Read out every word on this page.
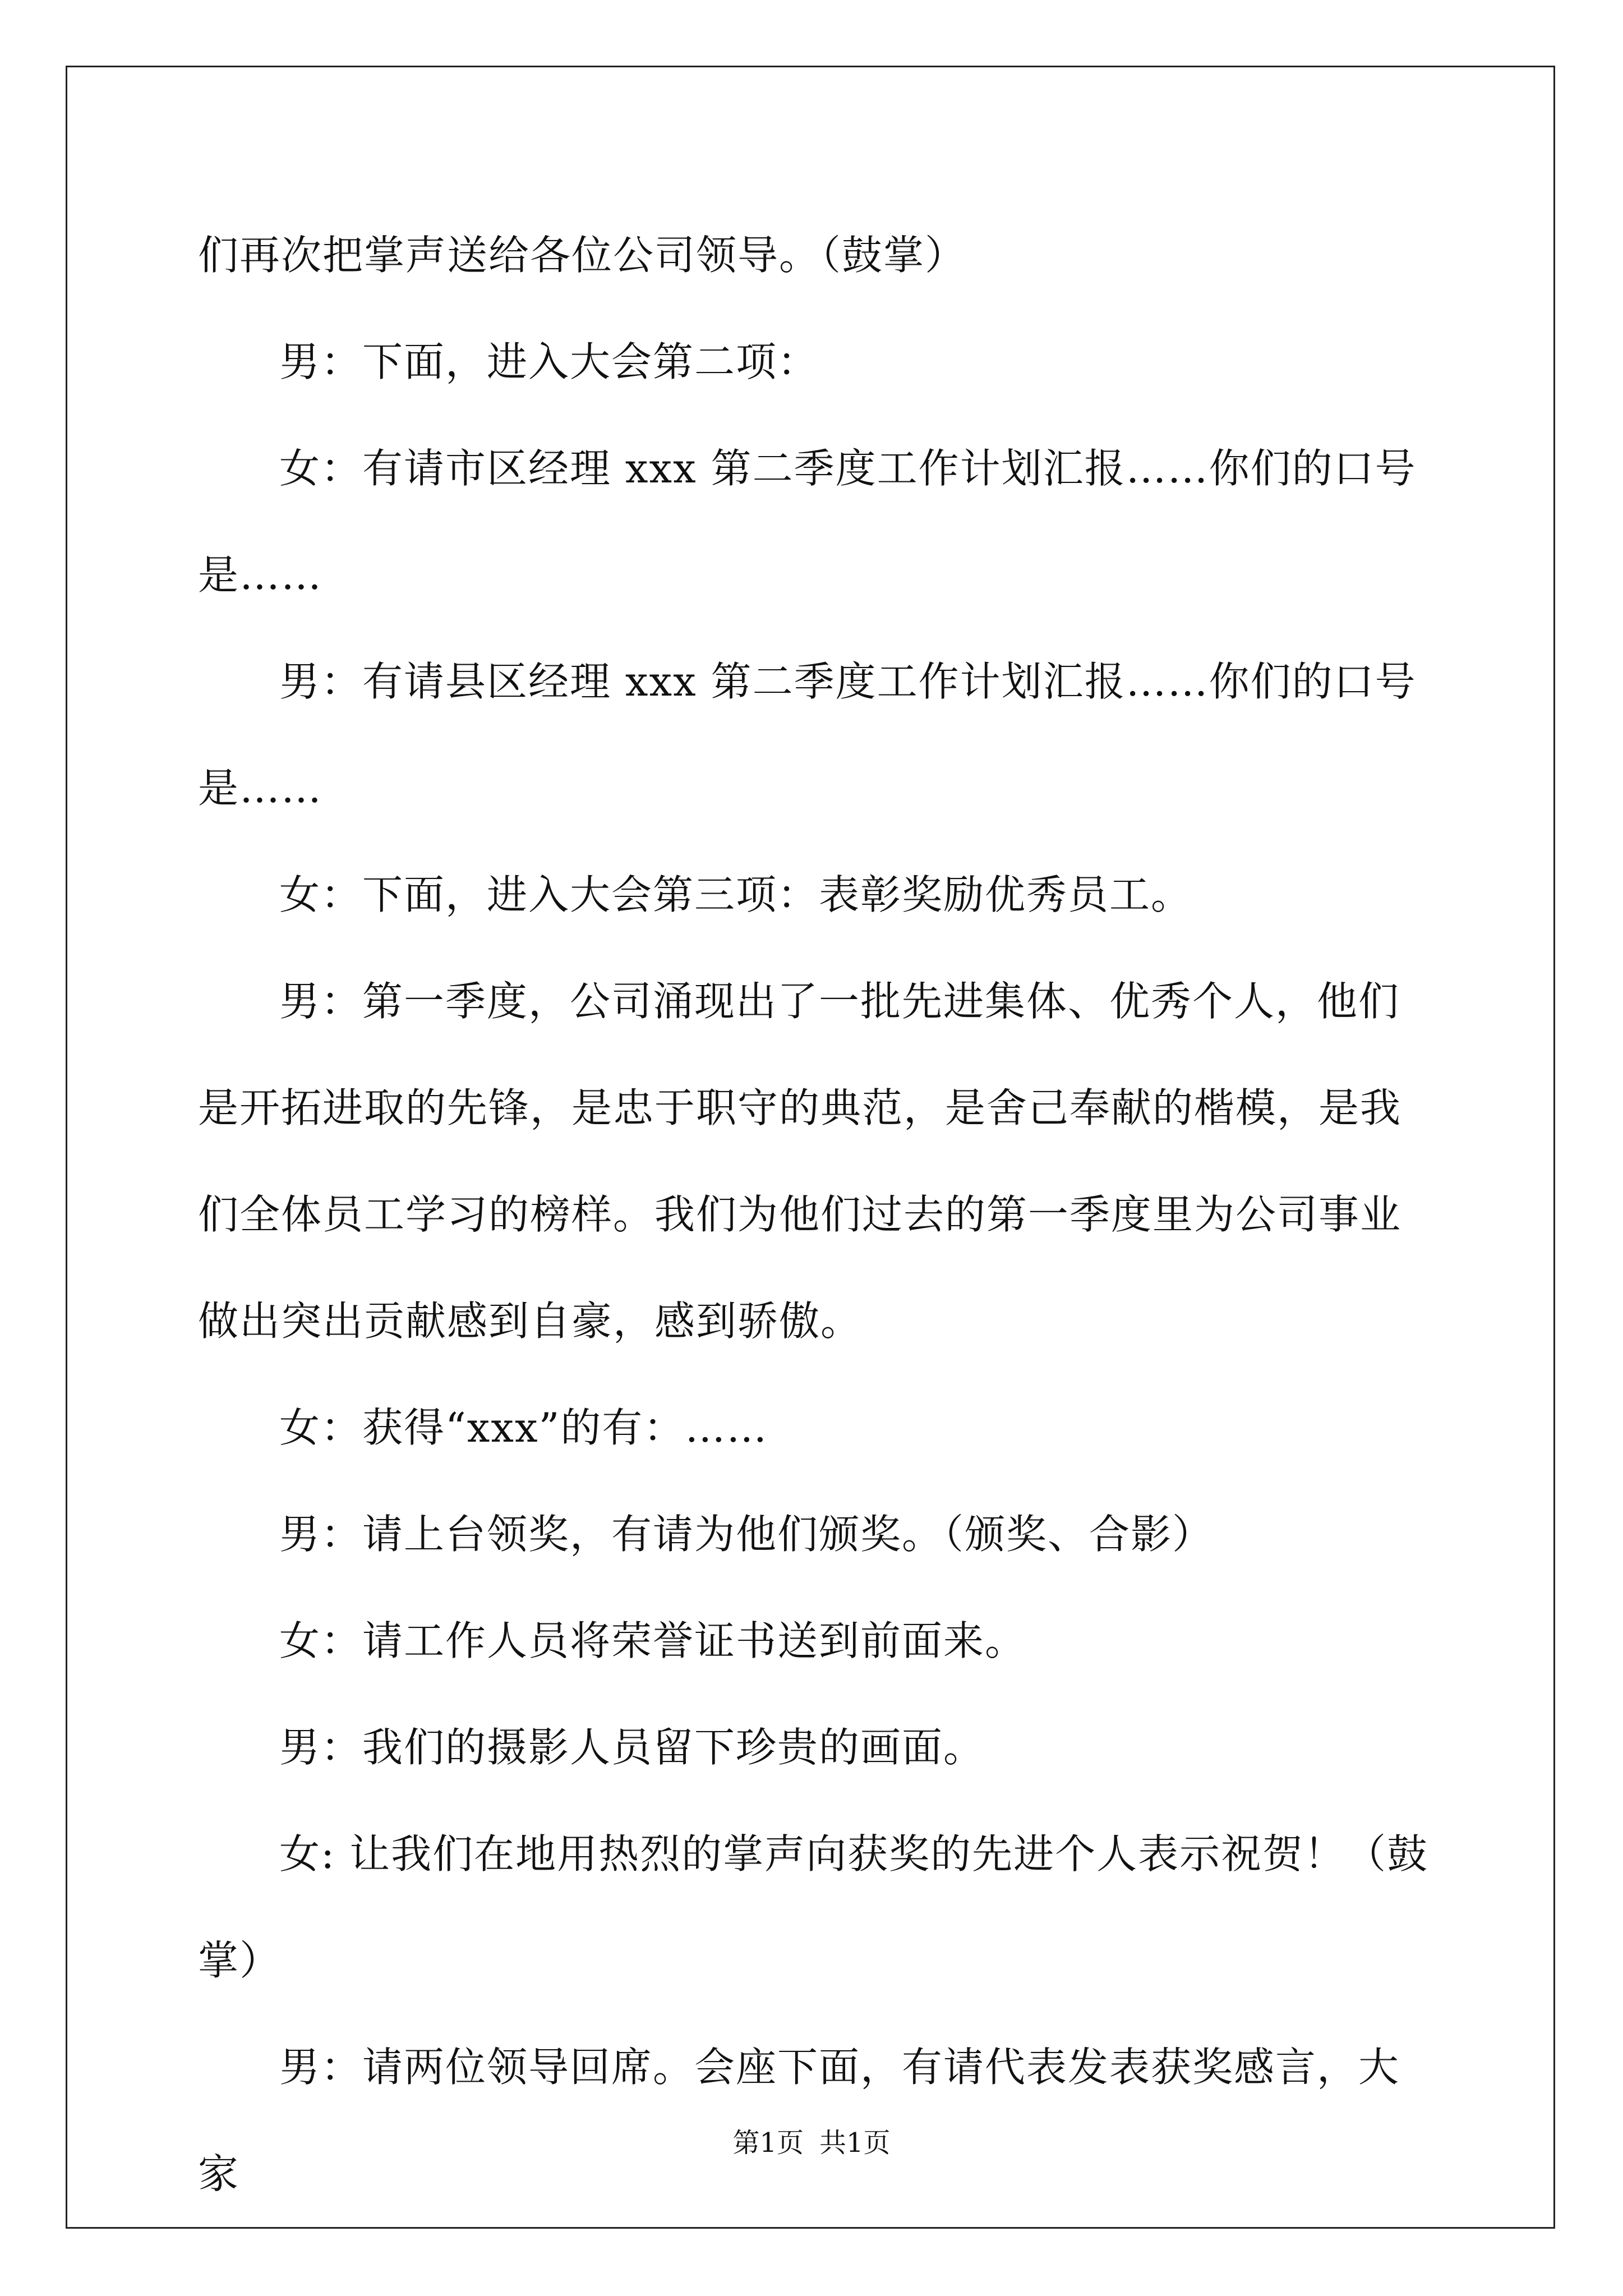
们再次把掌声送给各位公司领导。（鼓掌）

男：下面，进入大会第二项：

女：有请市区经理 xxx 第二季度工作计划汇报……你们的口号是……

男：有请县区经理 xxx 第二季度工作计划汇报……你们的口号是……

女：下面，进入大会第三项：表彰奖励优秀员工。

男：第一季度，公司涌现出了一批先进集体、优秀个人，他们是开拓进取的先锋，是忠于职守的典范，是舍己奉献的楷模，是我们全体员工学习的榜样。我们为他们过去的第一季度里为公司事业做出突出贡献感到自豪，感到骄傲。

女：获得“xxx”的有：……

男：请上台领奖，有请为他们颁奖。（颁奖、合影）

女：请工作人员将荣誉证书送到前面来。

男：我们的摄影人员留下珍贵的画面。

女: 让我们在地用热烈的掌声向获奖的先进个人表示祝贺！（鼓掌）

男：请两位领导回席。会座下面，有请代表发表获奖感言，大家

第1页 共1页
